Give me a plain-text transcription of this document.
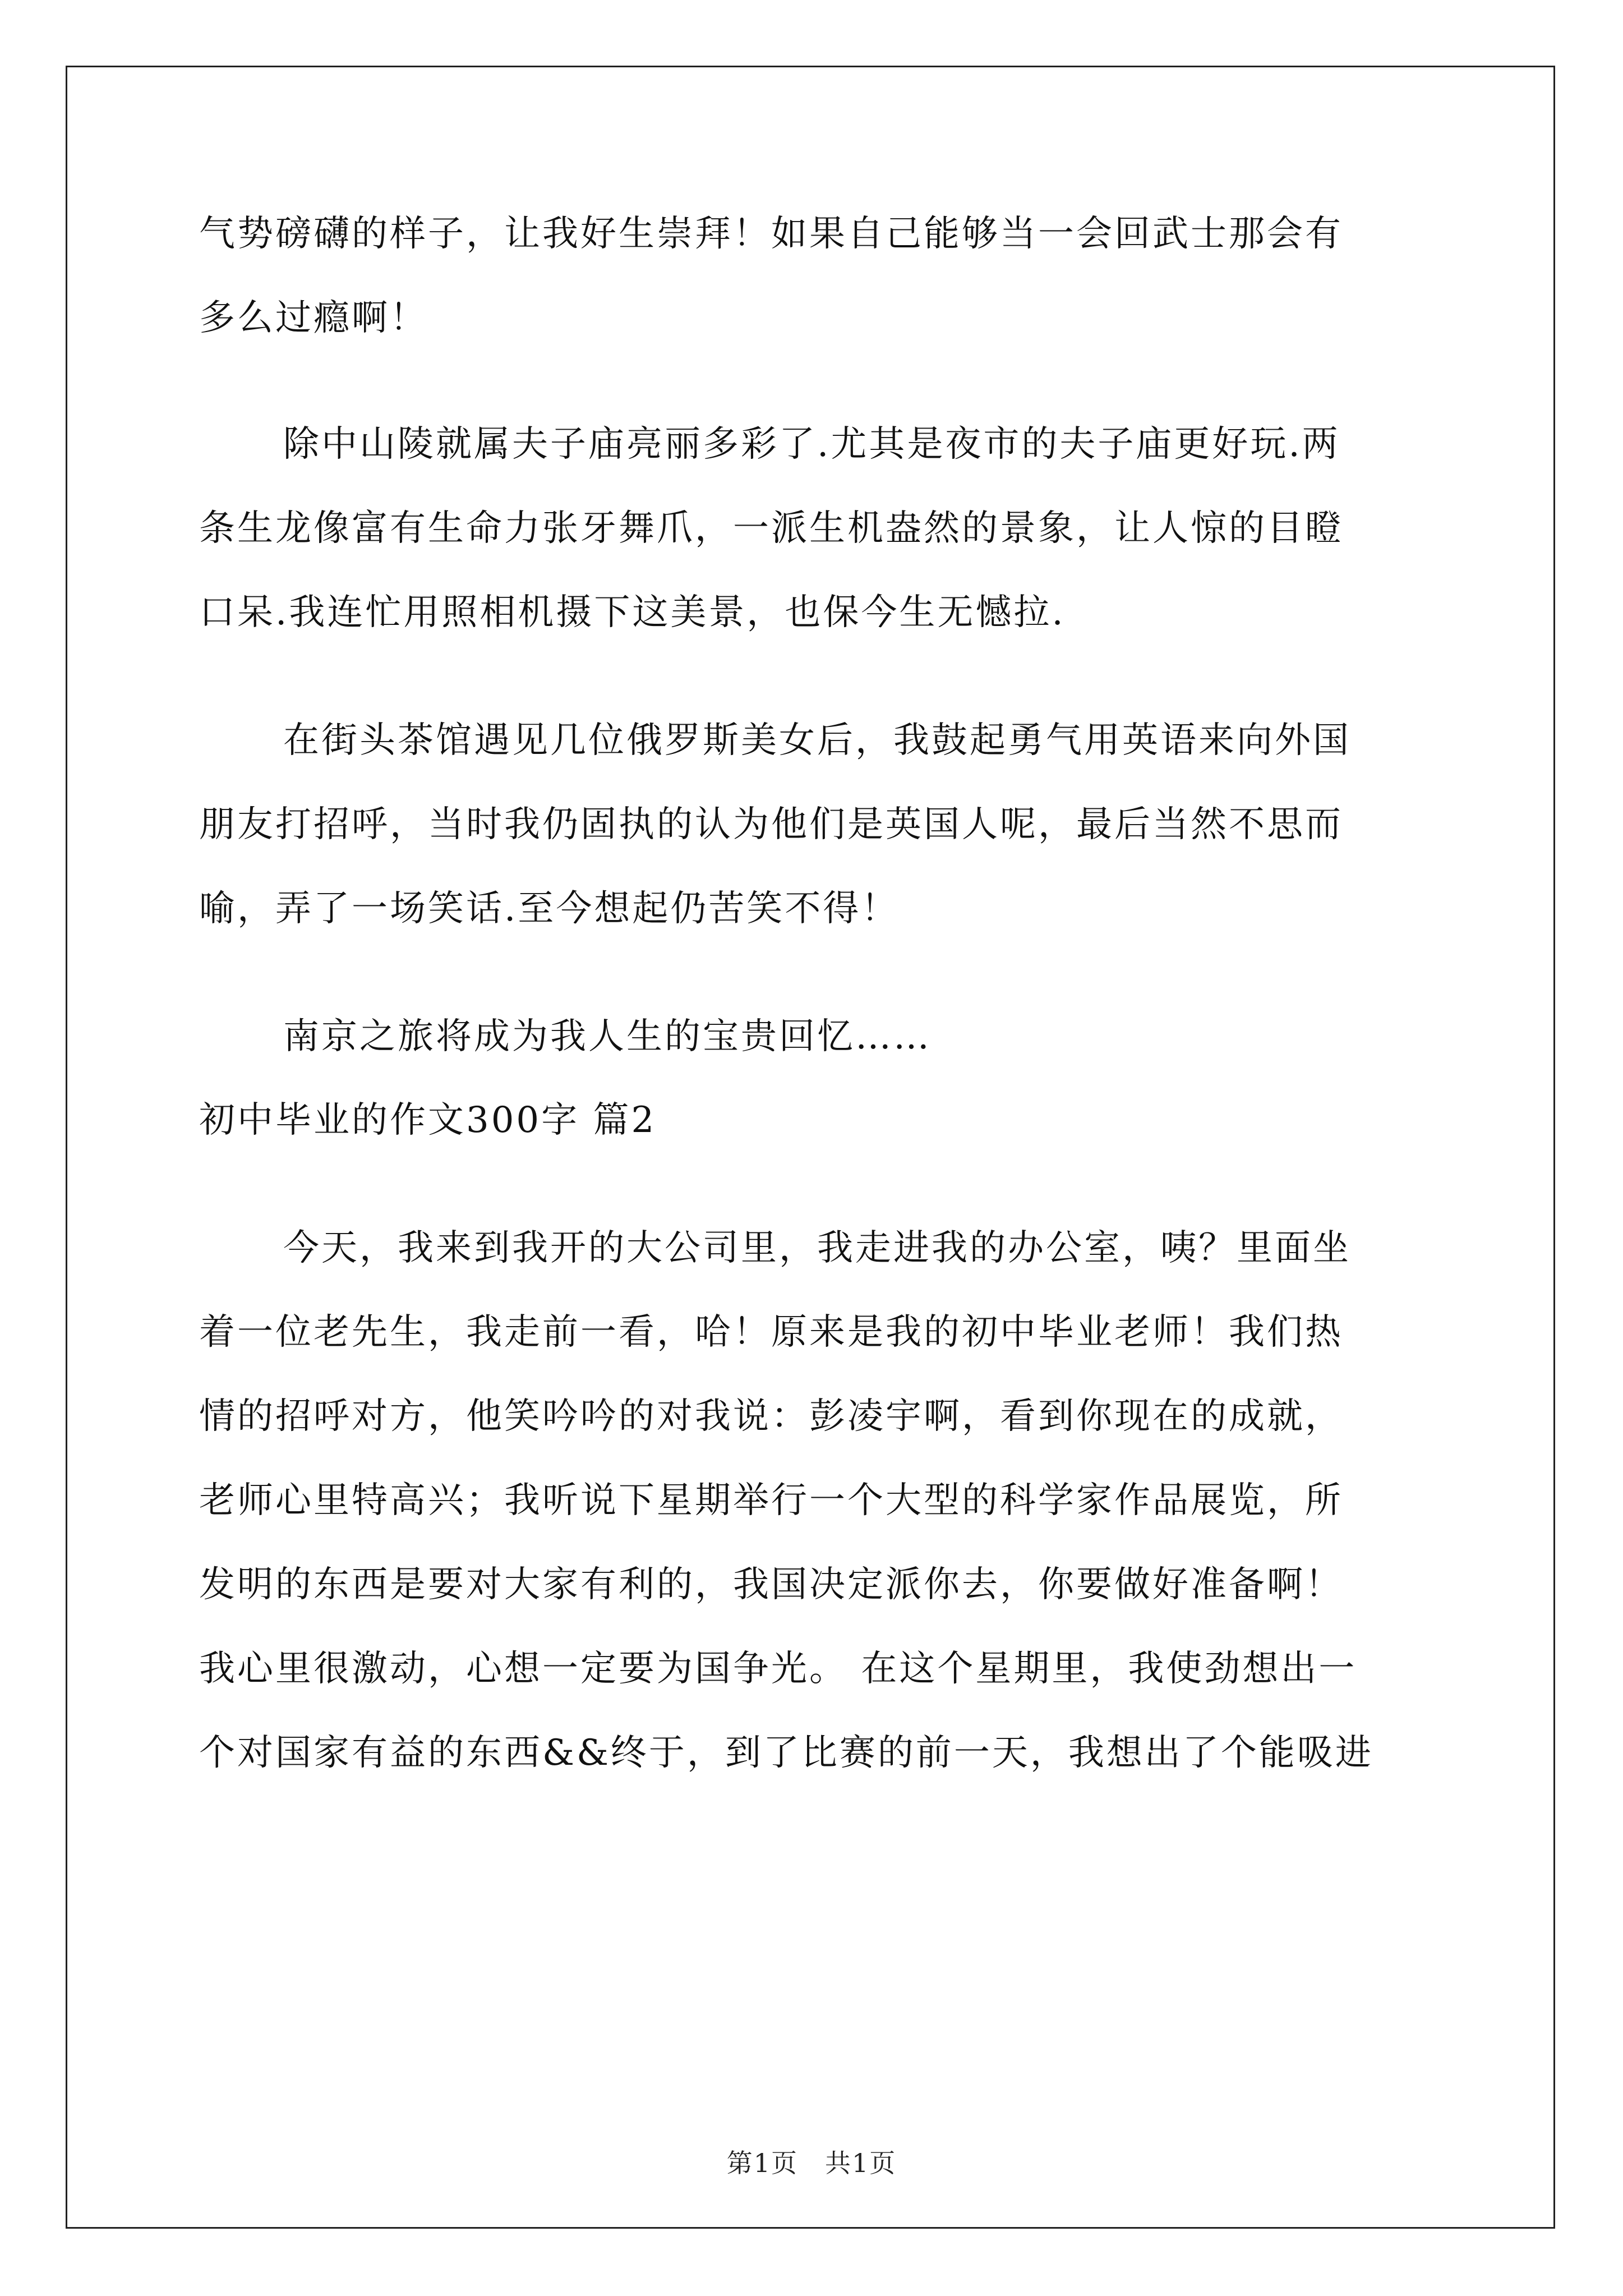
气势磅礴的样子，让我好生崇拜！如果自己能够当一会回武士那会有
多么过瘾啊！
除中山陵就属夫子庙亮丽多彩了.尤其是夜市的夫子庙更好玩.两
条生龙像富有生命力张牙舞爪，一派生机盎然的景象，让人惊的目瞪
口呆.我连忙用照相机摄下这美景，也保今生无憾拉.
在街头茶馆遇见几位俄罗斯美女后，我鼓起勇气用英语来向外国
朋友打招呼，当时我仍固执的认为他们是英国人呢，最后当然不思而
喻，弄了一场笑话.至今想起仍苦笑不得！
南京之旅将成为我人生的宝贵回忆……
初中毕业的作文300字 篇2
今天，我来到我开的大公司里，我走进我的办公室，咦？里面坐
着一位老先生，我走前一看，哈！原来是我的初中毕业老师！我们热
情的招呼对方，他笑吟吟的对我说：彭凌宇啊，看到你现在的成就，
老师心里特高兴；我听说下星期举行一个大型的科学家作品展览，所
发明的东西是要对大家有利的，我国决定派你去，你要做好准备啊！
我心里很激动，心想一定要为国争光。 在这个星期里，我使劲想出一
个对国家有益的东西&&终于，到了比赛的前一天，我想出了个能吸进
第1页　共1页
